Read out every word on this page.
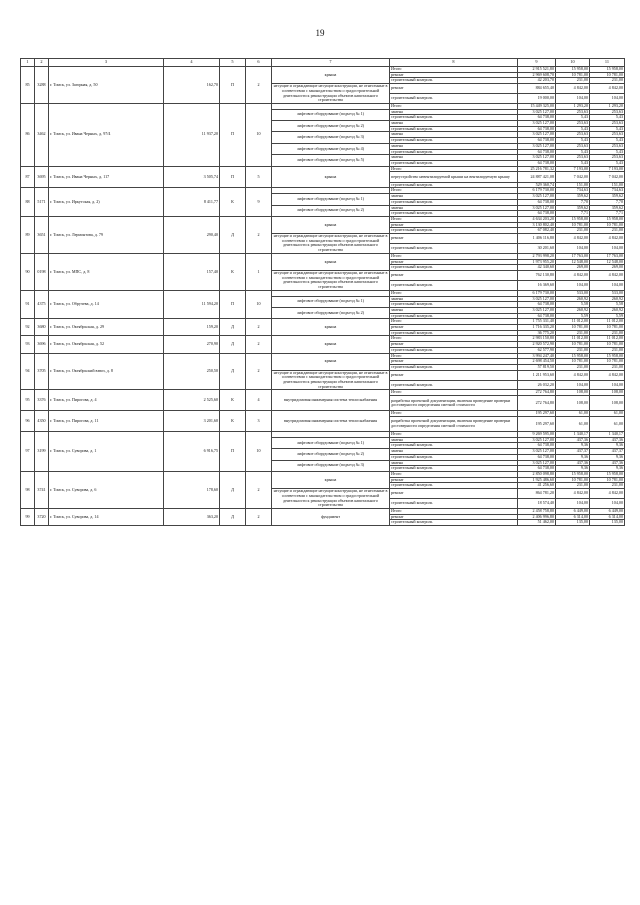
19
1	2	3	4	5	6	7	8	9	10	11
85	3288	г. Томск, ул. Загорная, д. 50	162,70	П	2	крыша	Итого	2 915 521,80	15 958,00	15 958,00
							ремонт	2 969 608,70	10 781,00	10 781,00
							строительный контроль	42 203,70	231,00	231,00
						несущие и ограждающие несущие конструкции, не отнесенные в соответствии с законодательством о градостроительной деятельности к реконструкции объектов капитального строительства	ремонт	884 655,40	4 842,00	4 842,00
							строительный контроль	19 000,00	104,00	104,00
86	3462	г. Томск, ул. Ивана Черных, д. 97/4	11 937,20	П	10		Итого	15 449 325,00	1 293,20	1 293,20
						лифтовое оборудование (подъезд № 1)	замена	3 025 127,00	253,63	253,63
							строительный контроль	64 738,00	5,43	5,43
						лифтовое оборудование (подъезд № 2)	замена	3 025 127,00	253,63	253,63
							строительный контроль	64 738,00	5,43	5,43
						лифтовое оборудование (подъезд № 3)	замена	3 025 127,00	253,63	253,63
							строительный контроль	64 738,00	5,43	5,43
						лифтовое оборудование (подъезд № 4)	замена	3 025 127,00	253,63	253,63
							строительный контроль	64 738,00	5,43	5,43
						лифтовое оборудование (подъезд № 5)	замена	3 025 127,00	253,63	253,63
							строительный контроль	64 738,00	5,43	5,43
87	3695	г. Томск, ул. Ивана Черных, д. 117	3 505,74	П	5	крыша	Итого	25 216 781,32	7 193,00	7 193,00
							переустройство невентилируемой крыши на вентилируемую крышу	24 887 421,08	7 042,00	7 042,00
							строительный контроль	529 360,74	151,00	151,00
88	5171	г. Томск, ул. Иркутская, д. 2)	8 411,77	К	9		Итого	6 179 730,00	734,63	734,63
						лифтовое оборудование (подъезд № 1)	замена	3 025 127,00	359,62	359,62
							строительный контроль	64 738,00	7,70	7,70
						лифтовое оборудование (подъезд № 2)	замена	3 025 127,00	359,62	359,62
							строительный контроль	64 738,00	7,71	7,71
89	3651	г. Томск, ул. Лермонтова, д. 79	290,40	Д	2	крыша	Итого	4 634 203,20	15 958,00	15 958,00
							ремонт	3 130 802,40	10 781,00	10 781,00
							строительный контроль	67 082,40	231,00	231,00
						несущие и ограждающие несущие конструкции, не отнесенные в соответствии с законодательством о градостроительной деятельности к реконструкции объектов капитального строительства	ремонт	1 406 116,80	4 842,00	4 842,00
							строительный контроль	30 201,60	104,00	104,00
90	0198	г. Томск, ул. МПС, д. 8	157,40	К	1	крыша	Итого	2 793 998,20	17 763,00	17 763,00
							ремонт	1 973 955,20	12 548,00	12 548,00
							строительный контроль	42 340,60	269,00	269,00
						несущие и ограждающие несущие конструкции, не отнесенные в соответствии с законодательством о градостроительной деятельности к реконструкции объектов капитального строительства	ремонт	762 130,80	4 842,00	4 842,00
							строительный контроль	16 369,60	104,00	104,00
91	4375	г. Томск, ул. Обручева, д. 14	11 594,20	П	10		Итого	6 179 730,00	533,00	533,00
						лифтовое оборудование (подъезд № 1)	замена	3 025 127,00	260,92	260,92
							строительный контроль	64 738,00	5,58	5,58
						лифтовое оборудование (подъезд № 2)	замена	3 025 127,00	260,92	260,92
							строительный контроль	64 738,00	5,59	5,59
92	3680	г. Томск, ул. Октябрьская, д. 29	159,20	Д	2	крыша	Итого	1 755 331,40	11 012,00	11 012,00
							ремонт	1 716 335,20	10 781,00	10 781,00
							строительный контроль	36 775,20	231,00	231,00
93	3696	г. Томск, ул. Октябрьская, д. 52	270,90	Д	2	крыша	Итого	2 983 150,80	11 012,00	11 012,00
							ремонт	2 920 572,90	10 781,00	10 781,00
							строительный контроль	62 577,90	231,00	231,00
94	3705	г. Томск, ул. Октябрьский взвоз, д. 8	250,50	Д	2	крыша	Итого	3 994 247,40	15 958,00	15 958,00
							ремонт	2 698 454,50	10 781,00	10 781,00
							строительный контроль	57 819,50	231,00	231,00
						несущие и ограждающие несущие конструкции, не отнесенные в соответствии с законодательством о градостроительной деятельности к реконструкции объектов капитального строительства	ремонт	1 211 953,60	4 842,00	4 842,00
							строительный контроль	26 032,20	104,00	104,00
95	3376	г. Томск, ул. Пирогова, д. 4	2 525,60	К	4	внутридомовая инженерная система теплоснабжения	Итого	272 764,80	108,00	108,00
							разработка проектной документации, включая проведение проверки достоверности определения сметной стоимости	272 764,80	108,00	108,00
96	4350	г. Томск, ул. Пирогова, д. 11	3 201,60	К	3	внутридомовая инженерная система теплоснабжения	Итого	195 297,60	61,00	61,00
							разработка проектной документации, включая проведение проверки достоверности определения сметной стоимости	195 297,60	61,00	61,00
97	3199	г. Томск, ул. Суворова, д. 1	6 916,75	П	10		Итого	9 269 595,00	1 340,17	1 340,17
						лифтовое оборудование (подъезд № 1)	замена	3 025 127,00	437,36	437,36
							строительный контроль	64 738,00	9,36	9,36
						лифтовое оборудование (подъезд № 2)	замена	3 025 127,00	437,37	437,37
							строительный контроль	64 738,00	9,36	9,36
						лифтовое оборудование (подъезд № 3)	замена	3 025 127,00	437,36	437,36
							строительный контроль	64 738,00	9,36	9,36
98	3741	г. Томск, ул. Суворова, д. 6	178,60	Д	2	крыша	Итого	2 850 098,80	15 958,00	15 958,00
							ремонт	1 925 486,60	10 781,00	10 781,00
							строительный контроль	41 256,60	231,00	231,00
						несущие и ограждающие несущие конструкции, не отнесенные в соответствии с законодательством о градостроительной деятельности к реконструкции объектов капитального строительства	ремонт	864 781,20	4 842,00	4 842,00
							строительный контроль	18 574,40	104,00	104,00
99	3720	г. Томск, ул. Суворова, д. 14	363,20	Д	2	фундамент	Итого	2 458 758,80	6 449,00	6 449,00
							ремонт	2 406 996,80	6 314,00	6 314,00
							строительный контроль	51 462,00	135,00	135,00
